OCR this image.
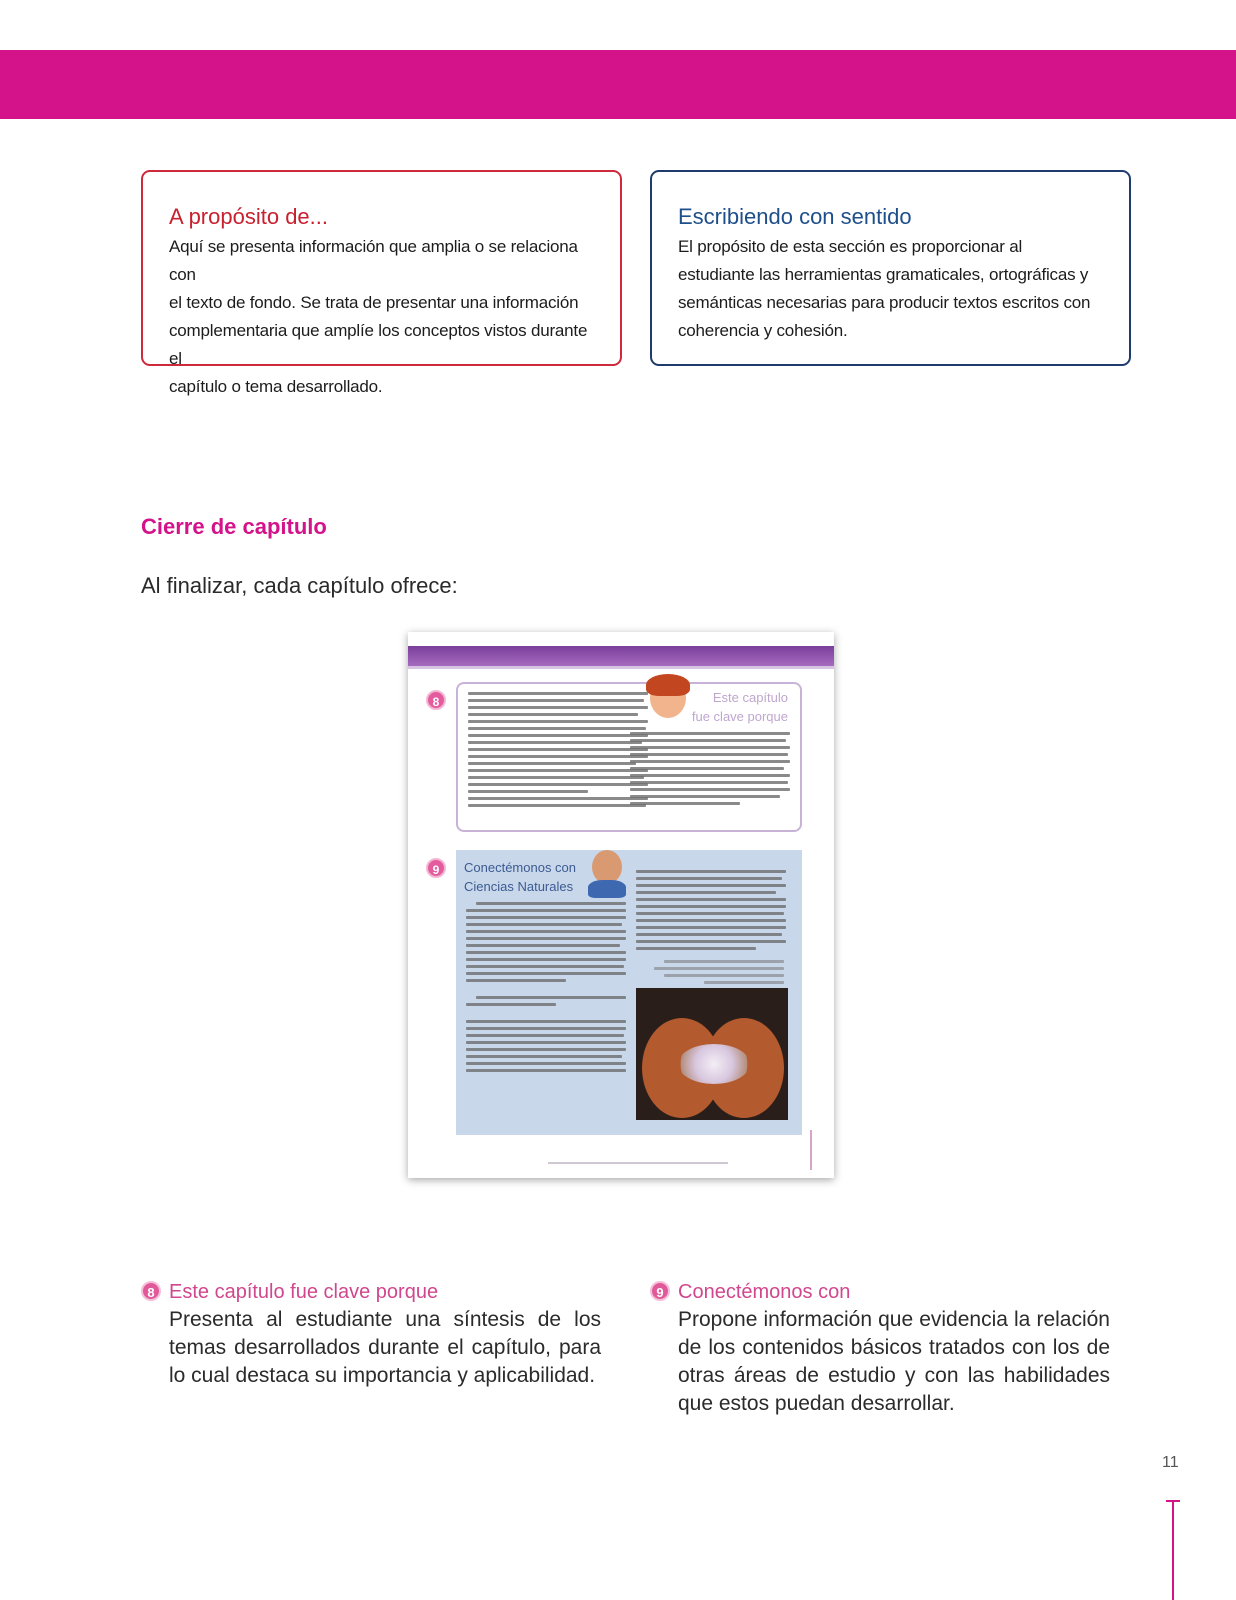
A propósito de...

Aquí se presenta información que amplia o se relaciona con

el texto de fondo. Se trata de presentar una información

complementaria que amplíe los conceptos vistos durante el

capítulo o tema desarrollado.

Escribiendo con sentido

El propósito de esta sección es proporcionar al

estudiante las herramientas gramaticales, ortográficas y

semánticas necesarias para producir textos escritos con

coherencia y cohesión.

Cierre de capítulo

Al finalizar, cada capítulo ofrece:

8	Este capítulo
fue clave porque
9	Conectémonos con
Ciencias Naturales
8 Este capítulo fue clave porque

Presenta al estudiante una síntesis de los temas desarrollados durante el capítulo, para lo cual destaca su importancia y aplicabilidad.

9 Conectémonos con

Propone información que evidencia la relación de los contenidos básicos tratados con los de otras áreas de estudio y con las habilidades que estos puedan desarrollar.

11
